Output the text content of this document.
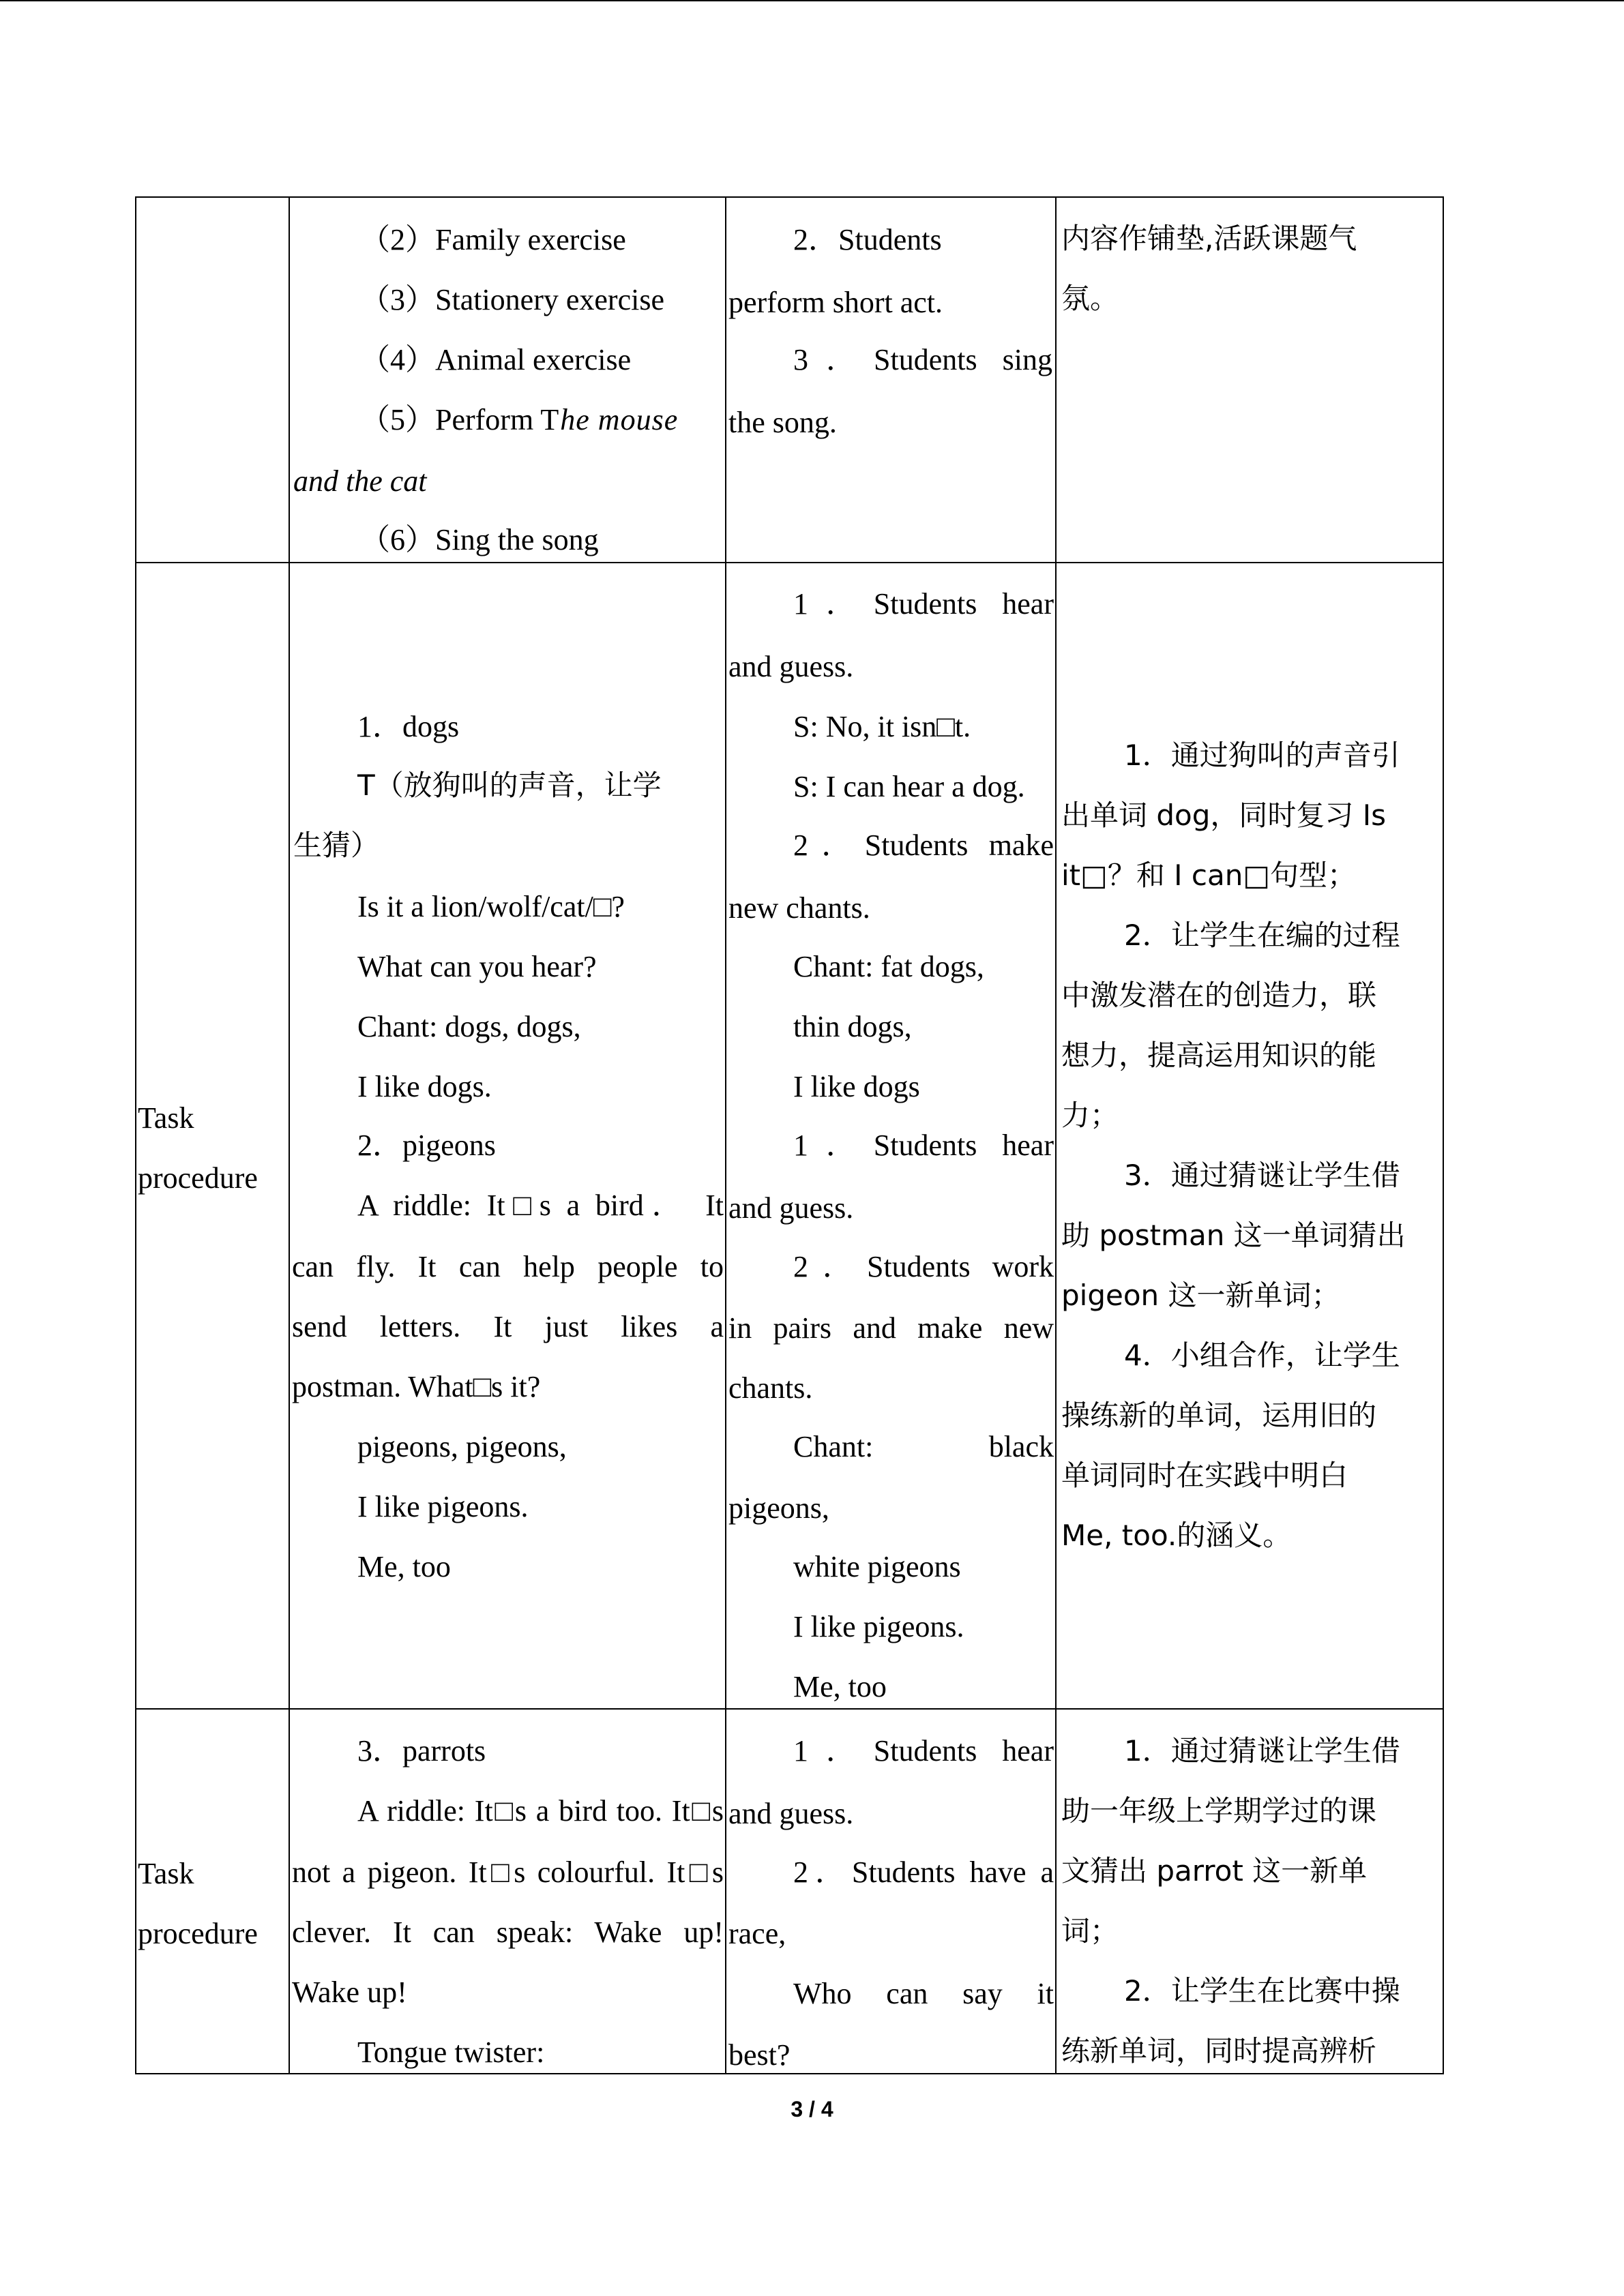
（2）Family exercise
（3）Stationery exercise
（4）Animal exercise
（5）Perform The mouse
and the cat
（6）Sing the song
2．Students
perform short act.
3．Students sing
the song.
内容作铺垫,活跃课题气
氛。
Task
procedure
1．dogs
T（放狗叫的声音，让学
生猜）
Is it a lion/wolf/cat/□?
What can you hear?
Chant: dogs, dogs,
I like dogs.
2．pigeons
A riddle: It□s a bird． It
can fly. It can help people to
send letters. It just likes a
postman. What□s it?
pigeons, pigeons,
I like pigeons.
Me, too
1．Students hear
and guess.
S: No, it isn□t.
S: I can hear a dog.
2．Students make
new chants.
Chant: fat dogs,
thin dogs,
I like dogs
1．Students hear
and guess.
2．Students work
in pairs and make new
chants.
Chant:	black
pigeons,
white pigeons
I like pigeons.
Me, too
1．通过狗叫的声音引
出单词 dog，同时复习 Is
it□？和 I can□句型；
2．让学生在编的过程
中激发潜在的创造力，联
想力，提高运用知识的能
力；
3．通过猜谜让学生借
助 postman 这一单词猜出
pigeon 这一新单词；
4．小组合作，让学生
操练新的单词，运用旧的
单词同时在实践中明白
Me, too.的涵义。
Task
procedure
3．parrots
A riddle: It□s a bird too. It□s
not a pigeon. It□s colourful. It□s
clever. It can speak: Wake up!
Wake up!
Tongue twister:
1．Students hear
and guess.
2．Students have a
race,
Who can say it
best?
1．通过猜谜让学生借
助一年级上学期学过的课
文猜出 parrot 这一新单
词；
2．让学生在比赛中操
练新单词，同时提高辨析
3 / 4
